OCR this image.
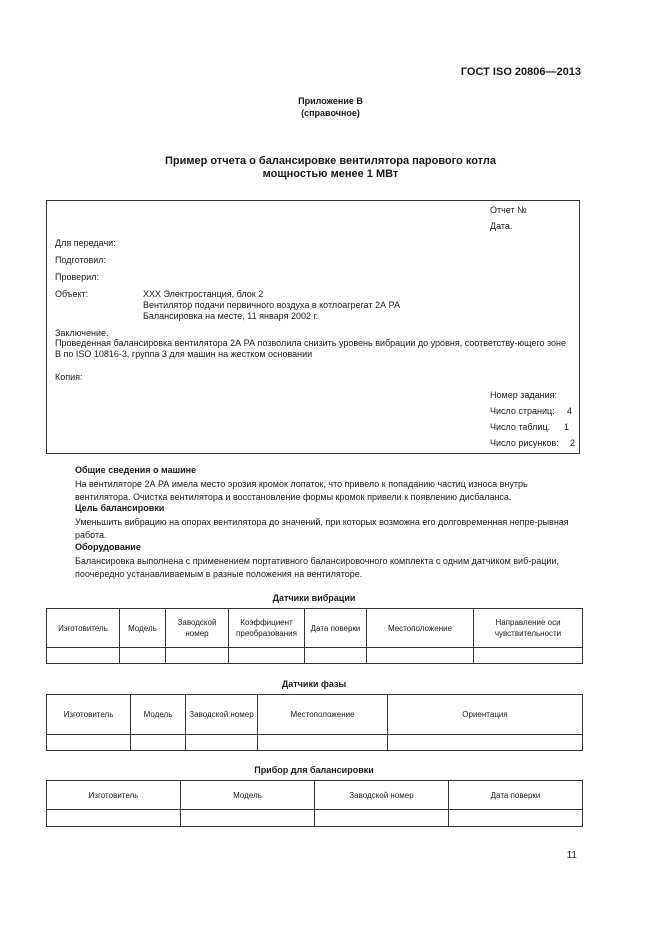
ГОСТ ISO 20806—2013
Приложение В
(справочное)
Пример отчета о балансировке вентилятора парового котла
мощностью менее 1 МВт
Отчет №
Дата.
Для передачи:
Подготовил:
Проверил:
Объект:	XXX Электростанция, блок 2
Вентилятор подачи первичного воздуха в котлоагрегат 2А РА
Балансировка на месте, 11 января 2002 г.
Заключение.
Проведенная балансировка вентилятора 2А РА позволила снизить уровень вибрации до уровня, соответству-ющего зоне В по ISO 10816-3, группа 3 для машин на жестком основании
Копия:
Номер задания:
Число страниц: 4
Число таблиц. 1
Число рисунков: 2
Общие сведения о машине
На вентиляторе 2А РА имела место эрозия кромок лопаток, что привело к попаданию частиц износа внутрь вентилятора. Очистка вентилятора и восстановление формы кромок привели к появлению дисбаланса.
Цель балансировки
Уменьшить вибрацию на опорах вентилятора до значений, при которых возможна его долговременная непре-рывная работа.
Оборудование
Балансировка выполнена с применением портативного балансировочного комплекта с одним датчиком виб-рации, поочередно устанавливаемым в разные положения на вентиляторе.
Датчики вибрации
Изготовитель	Модель	Заводской номер	Коэффициент преобразования	Дата поверки	Местоположение	Направление оси чувствительности

Датчики фазы
Изготовитель	Модель	Заводской номер	Местоположение	Ориентация

Прибор для балансировки
Изготовитель	Модель	Заводской номер	Дата поверки

11
